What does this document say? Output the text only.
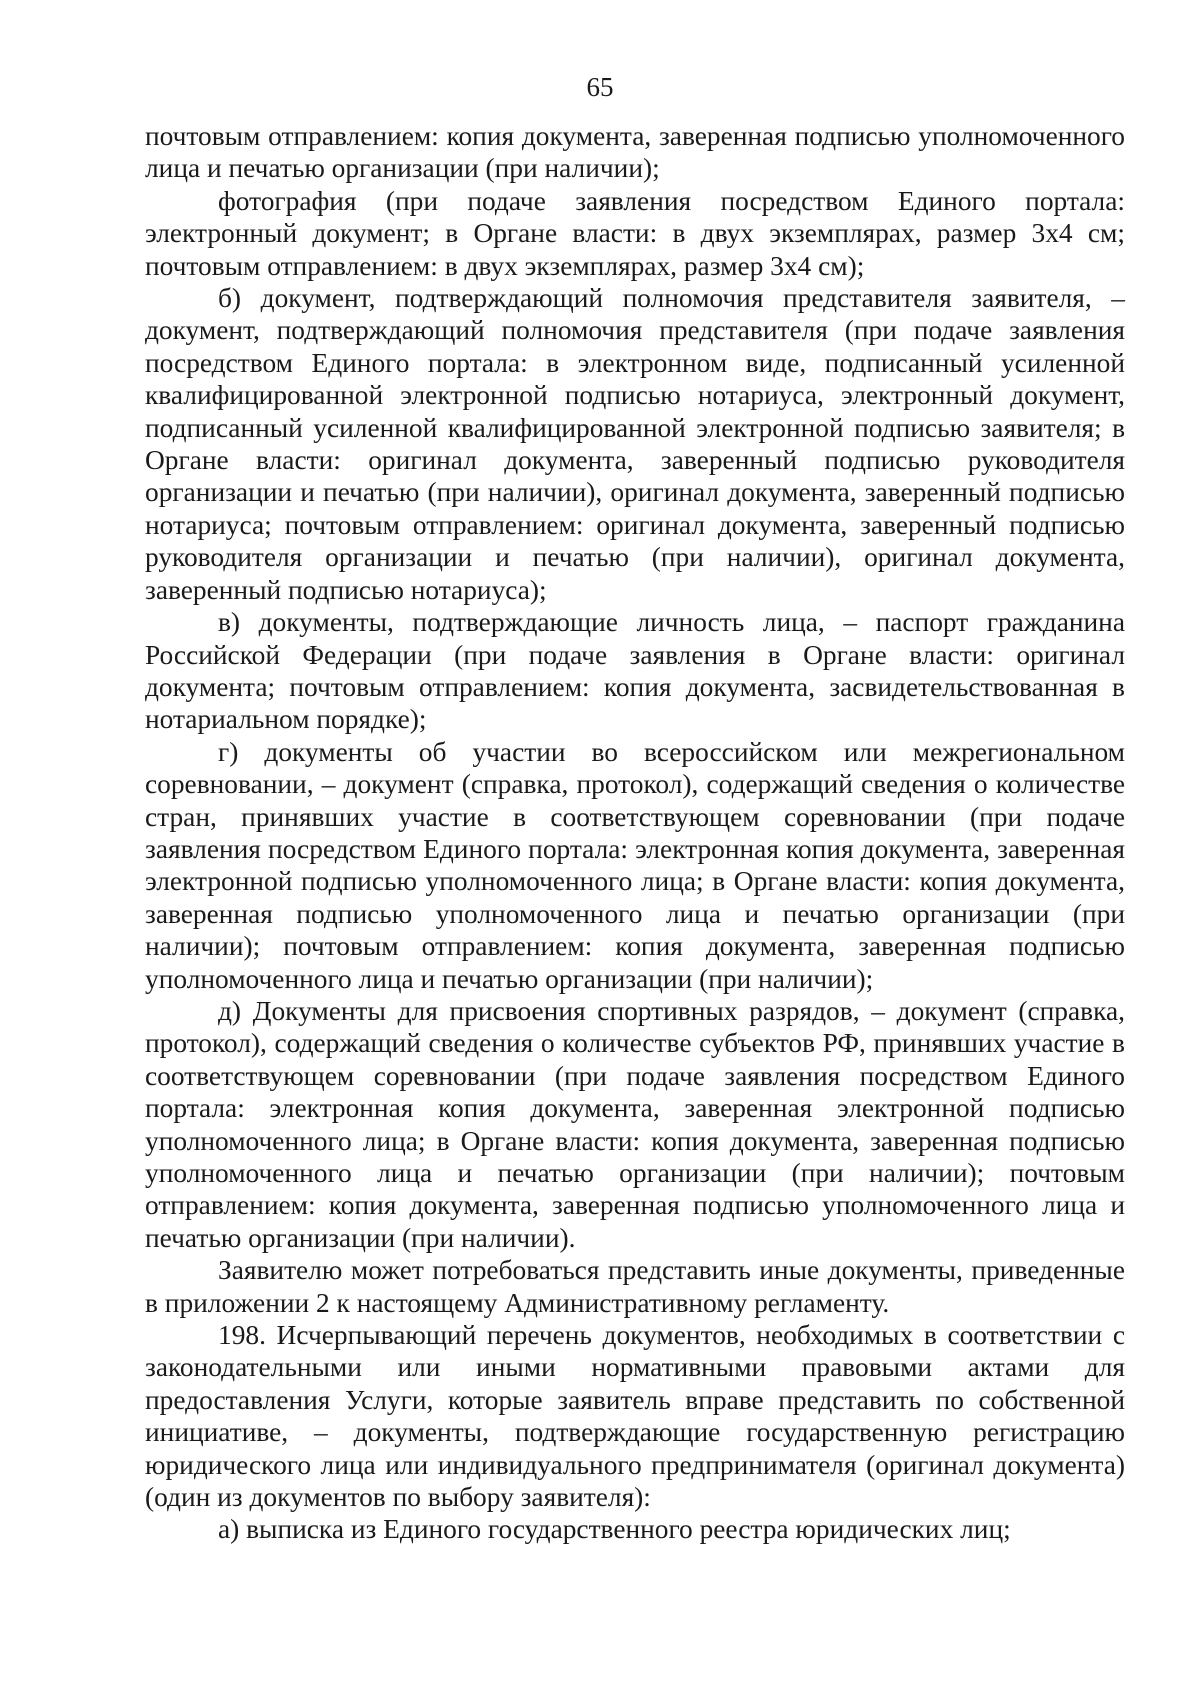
65

почтовым отправлением: копия документа, заверенная подписью уполномоченного лица и печатью организации (при наличии);

фотография (при подаче заявления посредством Единого портала: электронный документ; в Органе власти: в двух экземплярах, размер 3х4 см; почтовым отправлением: в двух экземплярах, размер 3х4 см);

б) документ, подтверждающий полномочия представителя заявителя, – документ, подтверждающий полномочия представителя (при подаче заявления посредством Единого портала: в электронном виде, подписанный усиленной квалифицированной электронной подписью нотариуса, электронный документ, подписанный усиленной квалифицированной электронной подписью заявителя; в Органе власти: оригинал документа, заверенный подписью руководителя организации и печатью (при наличии), оригинал документа, заверенный подписью нотариуса; почтовым отправлением: оригинал документа, заверенный подписью руководителя организации и печатью (при наличии), оригинал документа, заверенный подписью нотариуса);

в) документы, подтверждающие личность лица, – паспорт гражданина Российской Федерации (при подаче заявления в Органе власти: оригинал документа; почтовым отправлением: копия документа, засвидетельствованная в нотариальном порядке);

г) документы об участии во всероссийском или межрегиональном соревновании, – документ (справка, протокол), содержащий сведения о количестве стран, принявших участие в соответствующем соревновании (при подаче заявления посредством Единого портала: электронная копия документа, заверенная электронной подписью уполномоченного лица; в Органе власти: копия документа, заверенная подписью уполномоченного лица и печатью организации (при наличии); почтовым отправлением: копия документа, заверенная подписью уполномоченного лица и печатью организации (при наличии);

д) Документы для присвоения спортивных разрядов, – документ (справка, протокол), содержащий сведения о количестве субъектов РФ, принявших участие в соответствующем соревновании (при подаче заявления посредством Единого портала: электронная копия документа, заверенная электронной подписью уполномоченного лица; в Органе власти: копия документа, заверенная подписью уполномоченного лица и печатью организации (при наличии); почтовым отправлением: копия документа, заверенная подписью уполномоченного лица и печатью организации (при наличии).

Заявителю может потребоваться представить иные документы, приведенные в приложении 2 к настоящему Административному регламенту.

198. Исчерпывающий перечень документов, необходимых в соответствии с законодательными или иными нормативными правовыми актами для предоставления Услуги, которые заявитель вправе представить по собственной инициативе, – документы, подтверждающие государственную регистрацию юридического лица или индивидуального предпринимателя (оригинал документа) (один из документов по выбору заявителя):

а) выписка из Единого государственного реестра юридических лиц;
